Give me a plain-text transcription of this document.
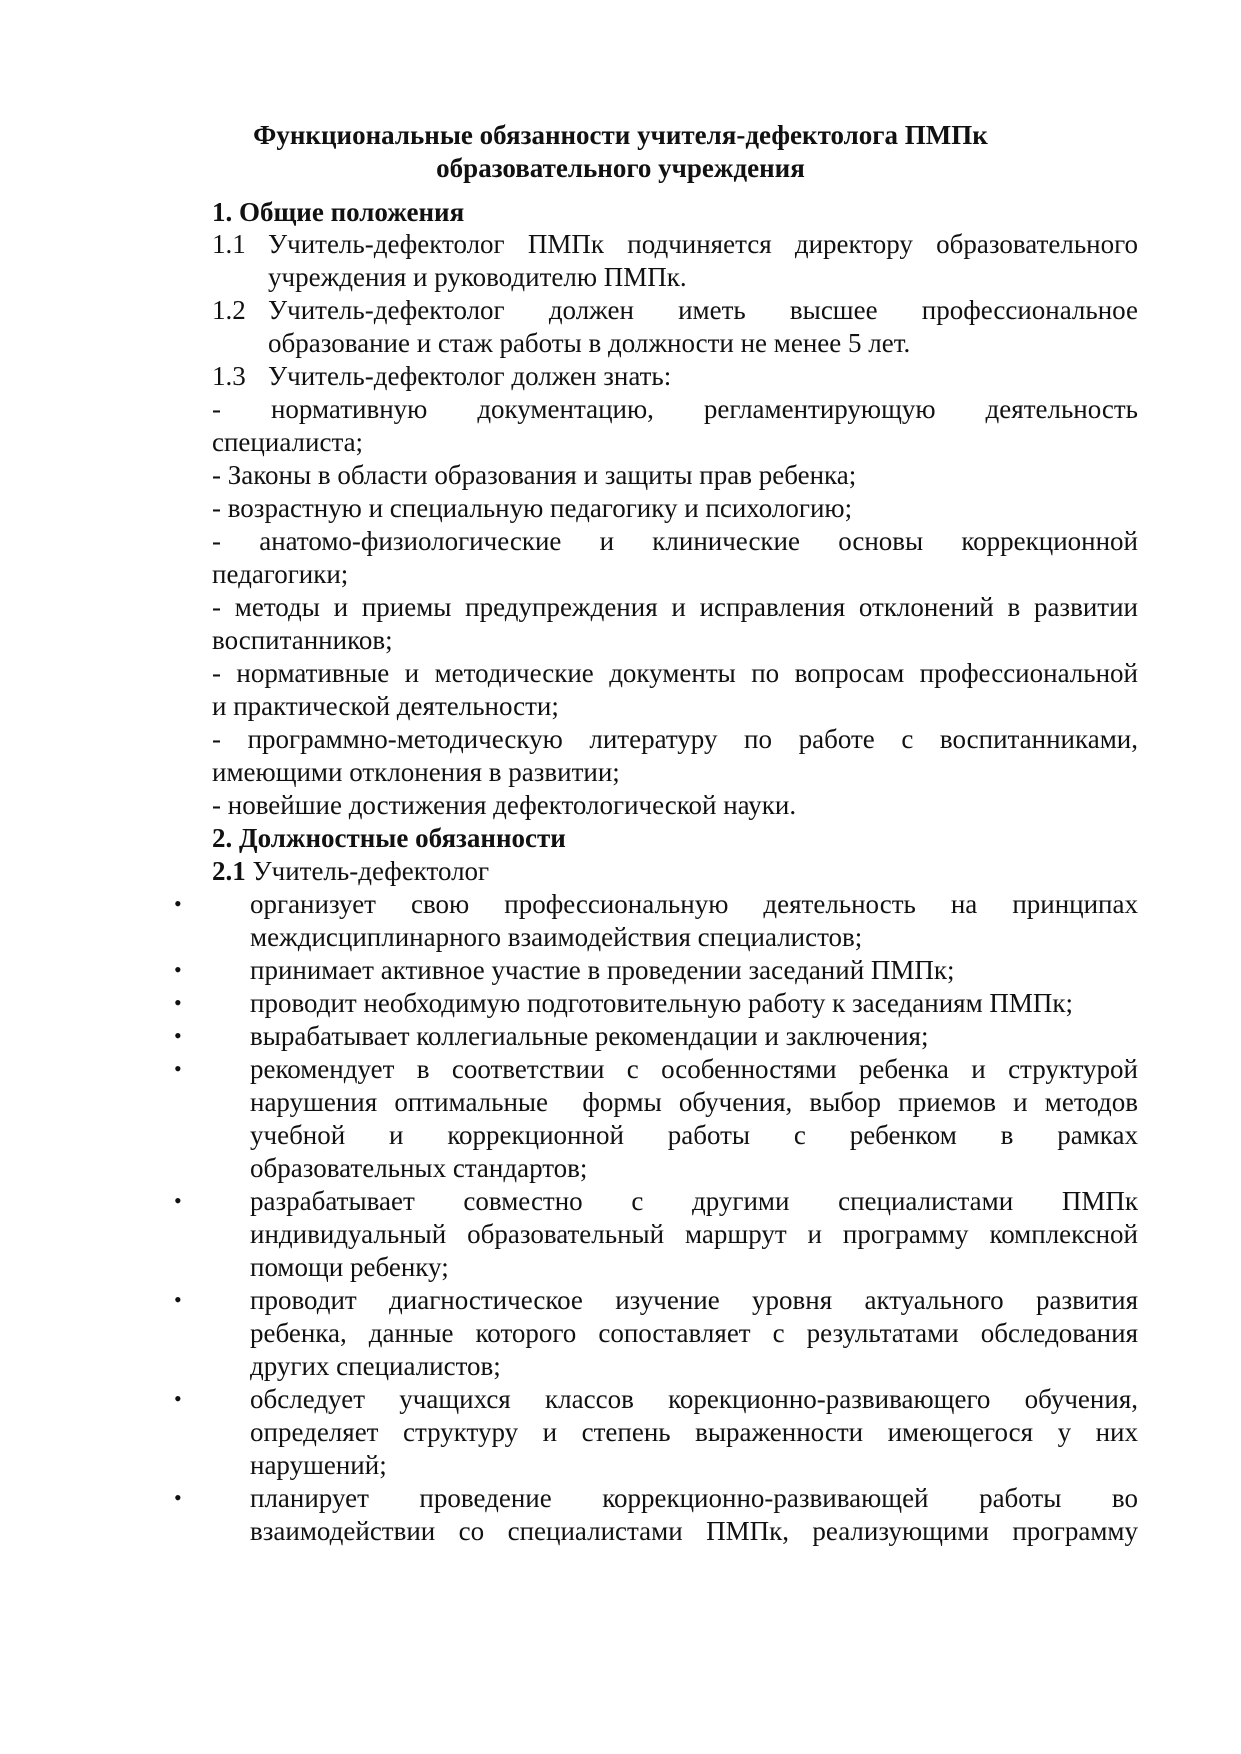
Функциональные обязанности учителя-дефектолога ПМПк
образовательного учреждения
1. Общие положения
1.1 Учитель-дефектолог ПМПк подчиняется директору образовательного
учреждения и руководителю ПМПк.
1.2 Учитель-дефектолог должен иметь высшее профессиональное
образование и стаж работы в должности не менее 5 лет.
1.3 Учитель-дефектолог должен знать:
- нормативную документацию, регламентирующую деятельность
специалиста;
- Законы в области образования и защиты прав ребенка;
- возрастную и специальную педагогику и психологию;
- анатомо-физиологические и клинические основы коррекционной
педагогики;
- методы и приемы предупреждения и исправления отклонений в развитии
воспитанников;
- нормативные и методические документы по вопросам профессиональной
и практической деятельности;
- программно-методическую литературу по работе с воспитанниками,
имеющими отклонения в развитии;
- новейшие достижения дефектологической науки.
2. Должностные обязанности
2.1 Учитель-дефектолог
•	организует свою профессиональную деятельность на принципах
междисциплинарного взаимодействия специалистов;
•	принимает активное участие в проведении заседаний ПМПк;
•	проводит необходимую подготовительную работу к заседаниям ПМПк;
•	вырабатывает коллегиальные рекомендации и заключения;
•	рекомендует в соответствии с особенностями ребенка и структурой
нарушения оптимальные  формы обучения, выбор приемов и методов
учебной и коррекционной работы с ребенком в рамках
образовательных стандартов;
•	разрабатывает совместно с другими специалистами ПМПк
индивидуальный образовательный маршрут и программу комплексной
помощи ребенку;
•	проводит диагностическое изучение уровня актуального развития
ребенка, данные которого сопоставляет с результатами обследования
других специалистов;
•	обследует учащихся классов корекционно-развивающего обучения,
определяет структуру и степень выраженности имеющегося у них
нарушений;
•	планирует проведение коррекционно-развивающей работы во
взаимодействии со специалистами ПМПк, реализующими программу
